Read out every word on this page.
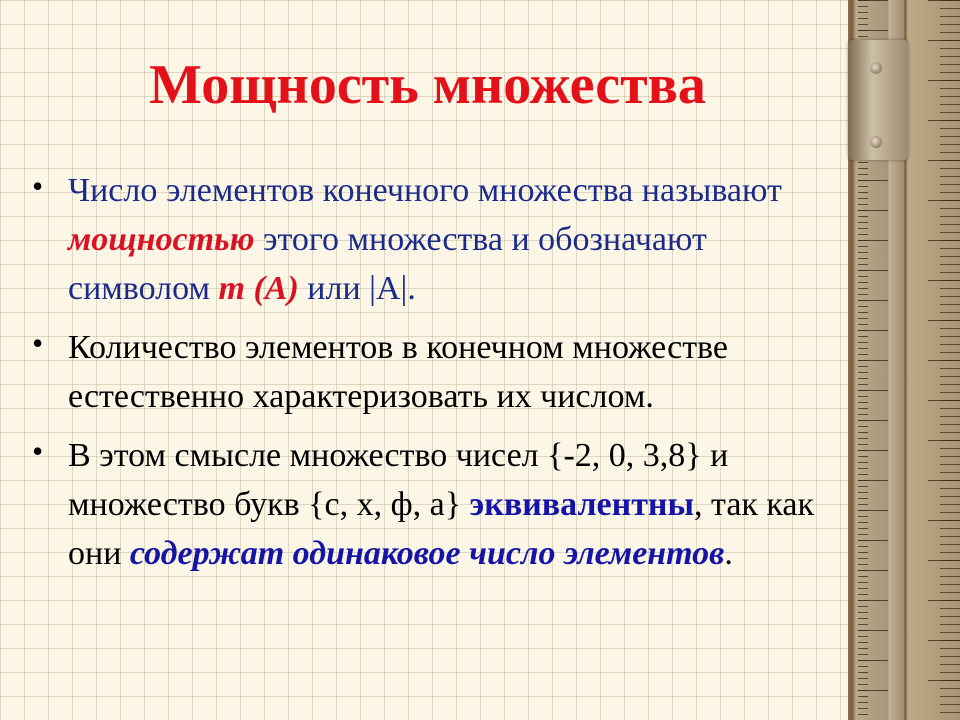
Мощность множества
• Число элементов конечного множества называют мощностью этого множества и обозначают символом m (A) или |A|.
• Количество элементов в конечном множестве естественно характеризовать их числом.
• В этом смысле множество чисел {-2, 0, 3,8} и множество букв {с, х, ф, а} эквивалентны, так как они содержат одинаковое число элементов.
